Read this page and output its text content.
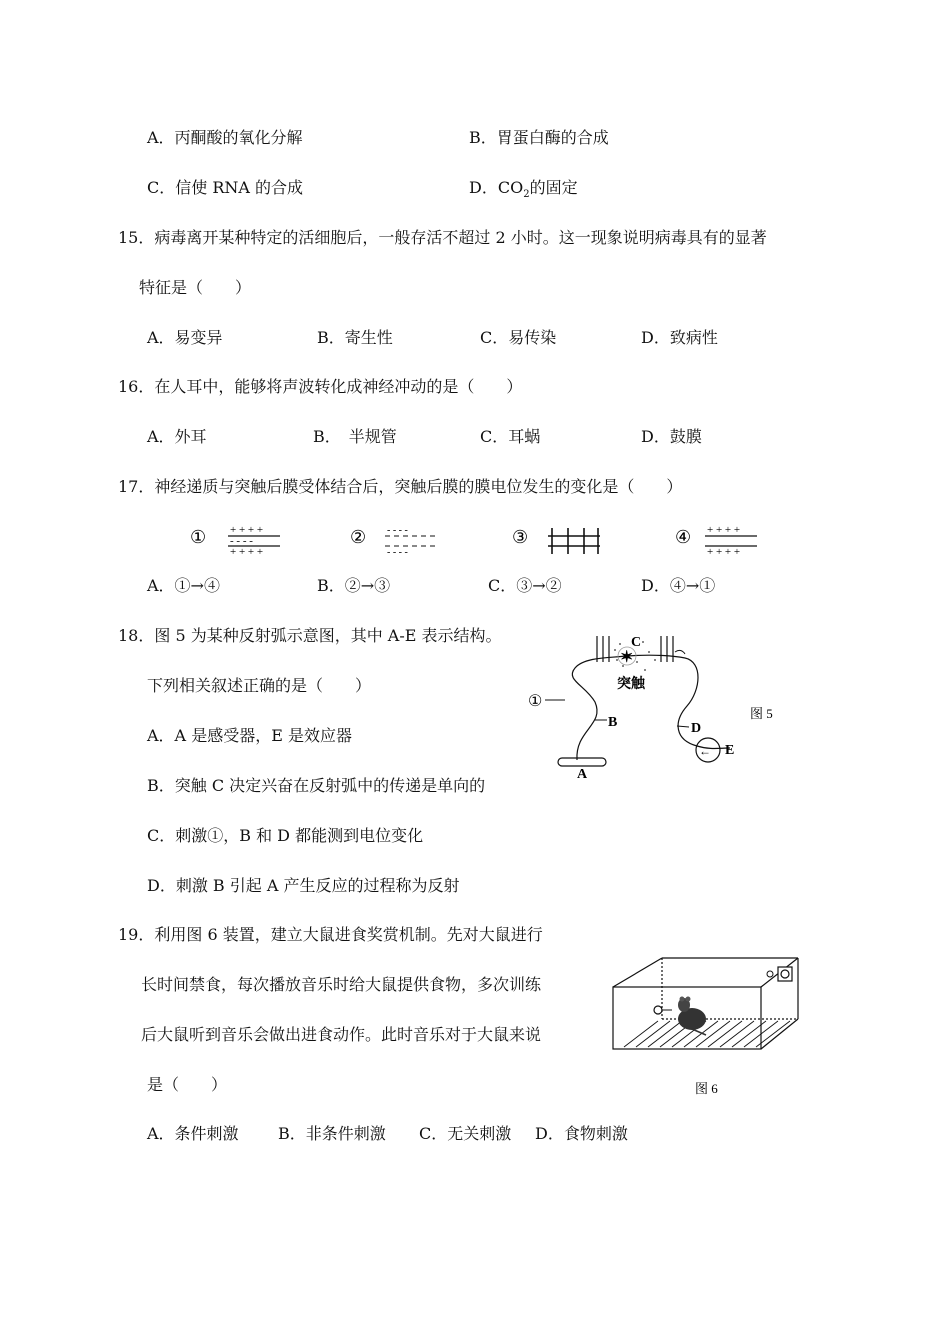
A．丙酮酸的氧化分解	B．胃蛋白酶的合成
C．信使 RNA 的合成	D．$CO_2$的固定
15．病毒离开某种特定的活细胞后，一般存活不超过 2 小时。这一现象说明病毒具有的显著
特征是（　　）
A．易变异	B．寄生性	C．易传染	D．致病性
16．在人耳中，能够将声波转化成神经冲动的是（　　）
A．外耳	B．　半规管	C．耳蜗	D．鼓膜
17．神经递质与突触后膜受体结合后，突触后膜的膜电位发生的变化是（　　）
① + + + +
- - - -
+ + + +
② - - - -
- - - -
③	④ + + + +
+ + + +
A．①→④	B．②→③	C．③→②	D．④→①
18．图 5 为某种反射弧示意图，其中 A-E 表示结构。
下列相关叙述正确的是（　　）
A．A 是感受器，E 是效应器
B．突触 C 决定兴奋在反射弧中的传递是单向的
C．刺激①，B 和 D 都能测到电位变化
D．刺激 B 引起 A 产生反应的过程称为反射
✶
←
C
突触
①
B
A
D
E
图 5
19．利用图 6 装置，建立大鼠进食奖赏机制。先对大鼠进行
长时间禁食，每次播放音乐时给大鼠提供食物，多次训练
后大鼠听到音乐会做出进食动作。此时音乐对于大鼠来说
是（　　）
A．条件刺激 B．非条件刺激 C．无关刺激 D．食物刺激
图 6
